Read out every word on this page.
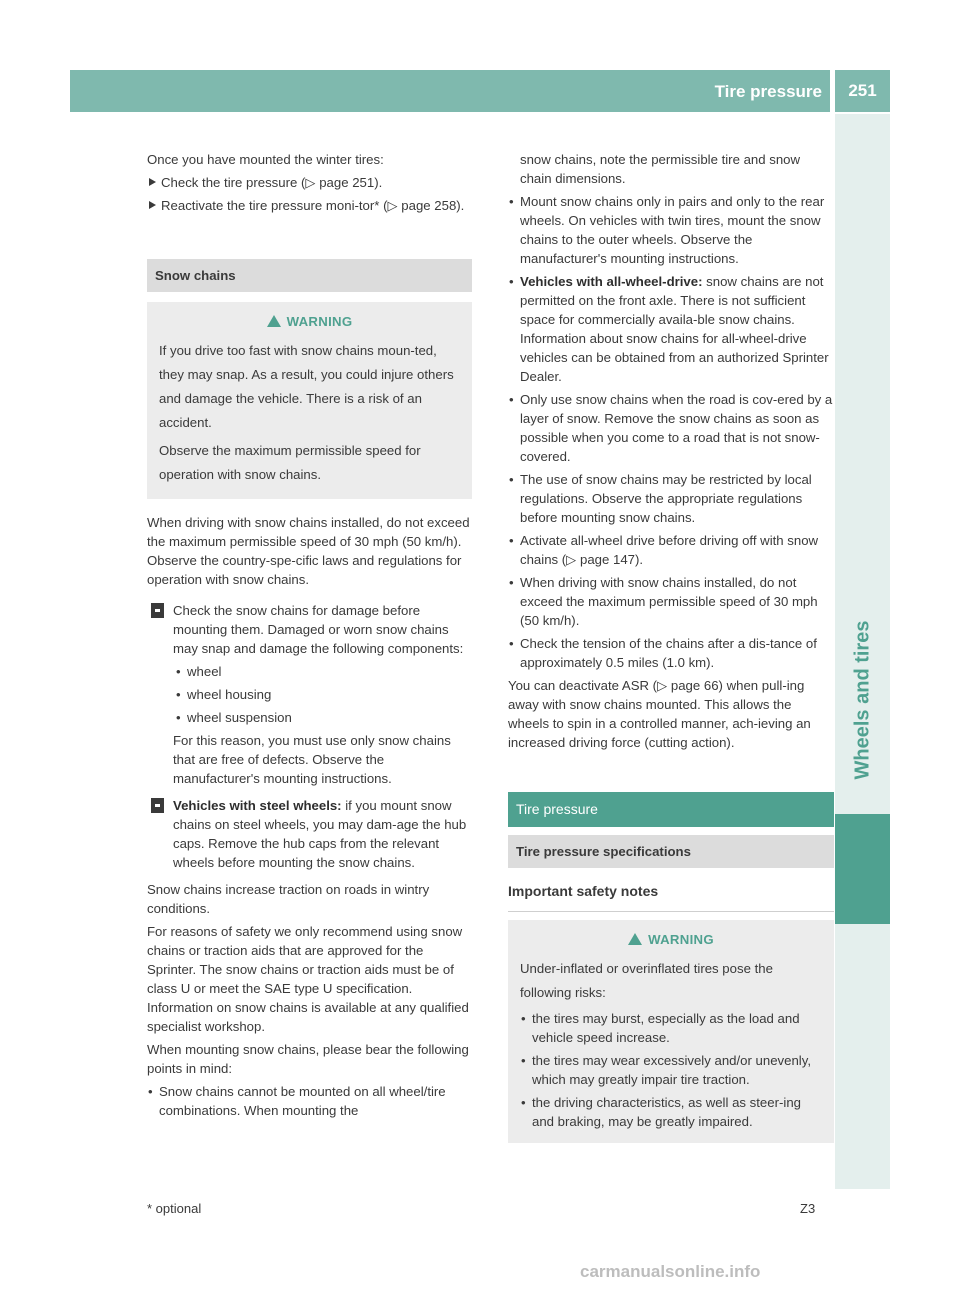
Tire pressure	251
Wheels and tires

Once you have mounted the winter tires:

Check the tire pressure (▷ page 251).
Reactivate the tire pressure moni-tor* (▷ page 258).
Snow chains
WARNING

If you drive too fast with snow chains moun-ted, they may snap. As a result, you could injure others and damage the vehicle. There is a risk of an accident.

Observe the maximum permissible speed for operation with snow chains.

When driving with snow chains installed, do not exceed the maximum permissible speed of 30 mph (50 km/h). Observe the country-spe-cific laws and regulations for operation with snow chains.

Check the snow chains for damage before mounting them. Damaged or worn snow chains may snap and damage the following components:

• wheel
• wheel housing
• wheel suspension

For this reason, you must use only snow chains that are free of defects. Observe the manufacturer's mounting instructions.

Vehicles with steel wheels: if you mount snow chains on steel wheels, you may dam-age the hub caps. Remove the hub caps from the relevant wheels before mounting the snow chains.

Snow chains increase traction on roads in wintry conditions.

For reasons of safety we only recommend using snow chains or traction aids that are approved for the Sprinter. The snow chains or traction aids must be of class U or meet the SAE type U specification. Information on snow chains is available at any qualified specialist workshop.

When mounting snow chains, please bear the following points in mind:

• Snow chains cannot be mounted on all wheel/tire combinations. When mounting the

snow chains, note the permissible tire and snow chain dimensions.

• Mount snow chains only in pairs and only to the rear wheels. On vehicles with twin tires, mount the snow chains to the outer wheels. Observe the manufacturer's mounting instructions.
• Vehicles with all-wheel-drive: snow chains are not permitted on the front axle. There is not sufficient space for commercially availa-ble snow chains. Information about snow chains for all-wheel-drive vehicles can be obtained from an authorized Sprinter Dealer.
• Only use snow chains when the road is cov-ered by a layer of snow. Remove the snow chains as soon as possible when you come to a road that is not snow-covered.
• The use of snow chains may be restricted by local regulations. Observe the appropriate regulations before mounting snow chains.
• Activate all-wheel drive before driving off with snow chains (▷ page 147).
• When driving with snow chains installed, do not exceed the maximum permissible speed of 30 mph (50 km/h).
• Check the tension of the chains after a dis-tance of approximately 0.5 miles (1.0 km).

You can deactivate ASR (▷ page 66) when pull-ing away with snow chains mounted. This allows the wheels to spin in a controlled manner, ach-ieving an increased driving force (cutting action).

Tire pressure
Tire pressure specifications
Important safety notes
WARNING

Under-inflated or overinflated tires pose the following risks:

• the tires may burst, especially as the load and vehicle speed increase.
• the tires may wear excessively and/or unevenly, which may greatly impair tire traction.
• the driving characteristics, as well as steer-ing and braking, may be greatly impaired.
* optional	Z3
carmanualsonline.info
